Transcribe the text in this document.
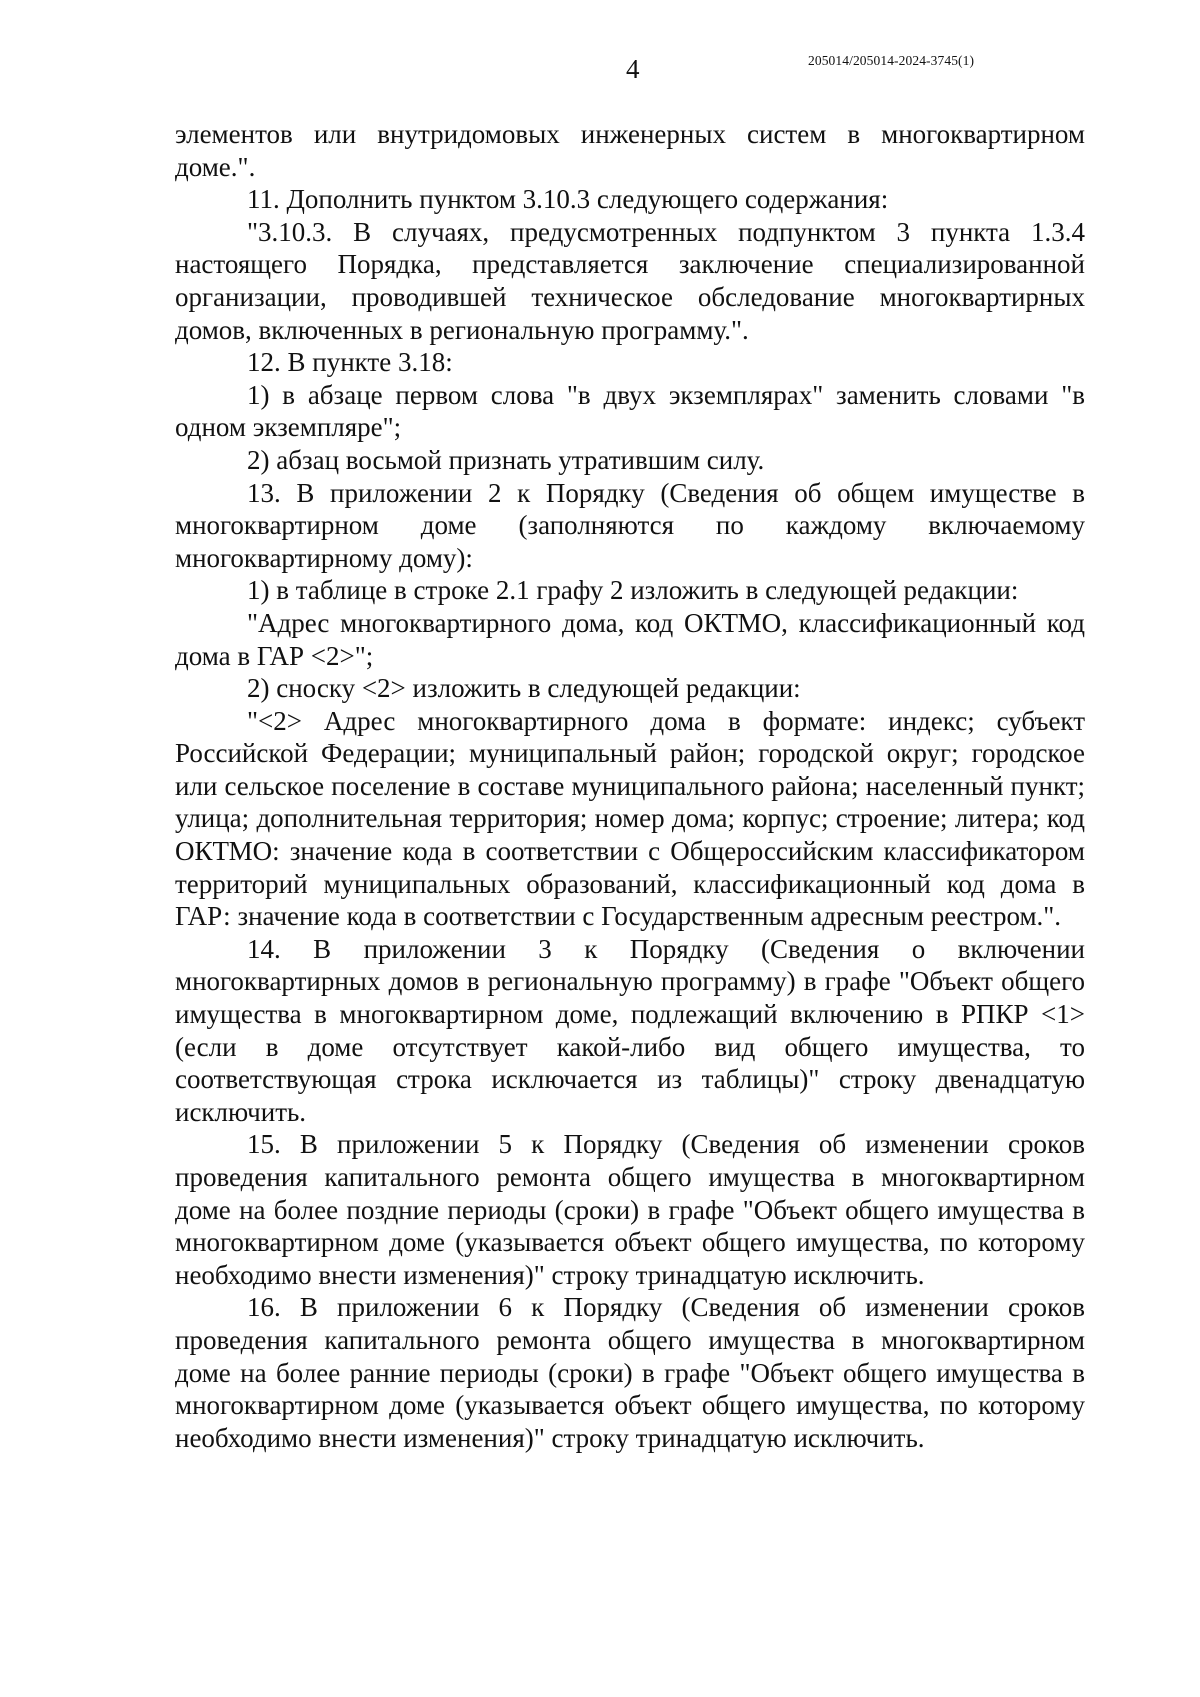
4	205014/205014-2024-3745(1)

элементов или внутридомовых инженерных систем в многоквартирном доме.".

11. Дополнить пунктом 3.10.3 следующего содержания:

"3.10.3. В случаях, предусмотренных подпунктом 3 пункта 1.3.4 настоящего Порядка, представляется заключение специализированной организации, проводившей техническое обследование многоквартирных домов, включенных в региональную программу.".

12. В пункте 3.18:

1) в абзаце первом слова "в двух экземплярах" заменить словами "в одном экземпляре";

2) абзац восьмой признать утратившим силу.

13. В приложении 2 к Порядку (Сведения об общем имуществе в многоквартирном доме (заполняются по каждому включаемому многоквартирному дому):

1) в таблице в строке 2.1 графу 2 изложить в следующей редакции:

"Адрес многоквартирного дома, код ОКТМО, классификационный код дома в ГАР <2>";

2) сноску <2> изложить в следующей редакции:

"<2> Адрес многоквартирного дома в формате: индекс; субъект Российской Федерации; муниципальный район; городской округ; городское или сельское поселение в составе муниципального района; населенный пункт; улица; дополнительная территория; номер дома; корпус; строение; литера; код ОКТМО: значение кода в соответствии с Общероссийским классификатором территорий муниципальных образований, классификационный код дома в ГАР: значение кода в соответствии с Государственным адресным реестром.".

14. В приложении 3 к Порядку (Сведения о включении многоквартирных домов в региональную программу) в графе "Объект общего имущества в многоквартирном доме, подлежащий включению в РПКР <1> (если в доме отсутствует какой-либо вид общего имущества, то соответствующая строка исключается из таблицы)" строку двенадцатую исключить.

15. В приложении 5 к Порядку (Сведения об изменении сроков проведения капитального ремонта общего имущества в многоквартирном доме на более поздние периоды (сроки) в графе "Объект общего имущества в многоквартирном доме (указывается объект общего имущества, по которому необходимо внести изменения)" строку тринадцатую исключить.

16. В приложении 6 к Порядку (Сведения об изменении сроков проведения капитального ремонта общего имущества в многоквартирном доме на более ранние периоды (сроки) в графе "Объект общего имущества в многоквартирном доме (указывается объект общего имущества, по которому необходимо внести изменения)" строку тринадцатую исключить.
